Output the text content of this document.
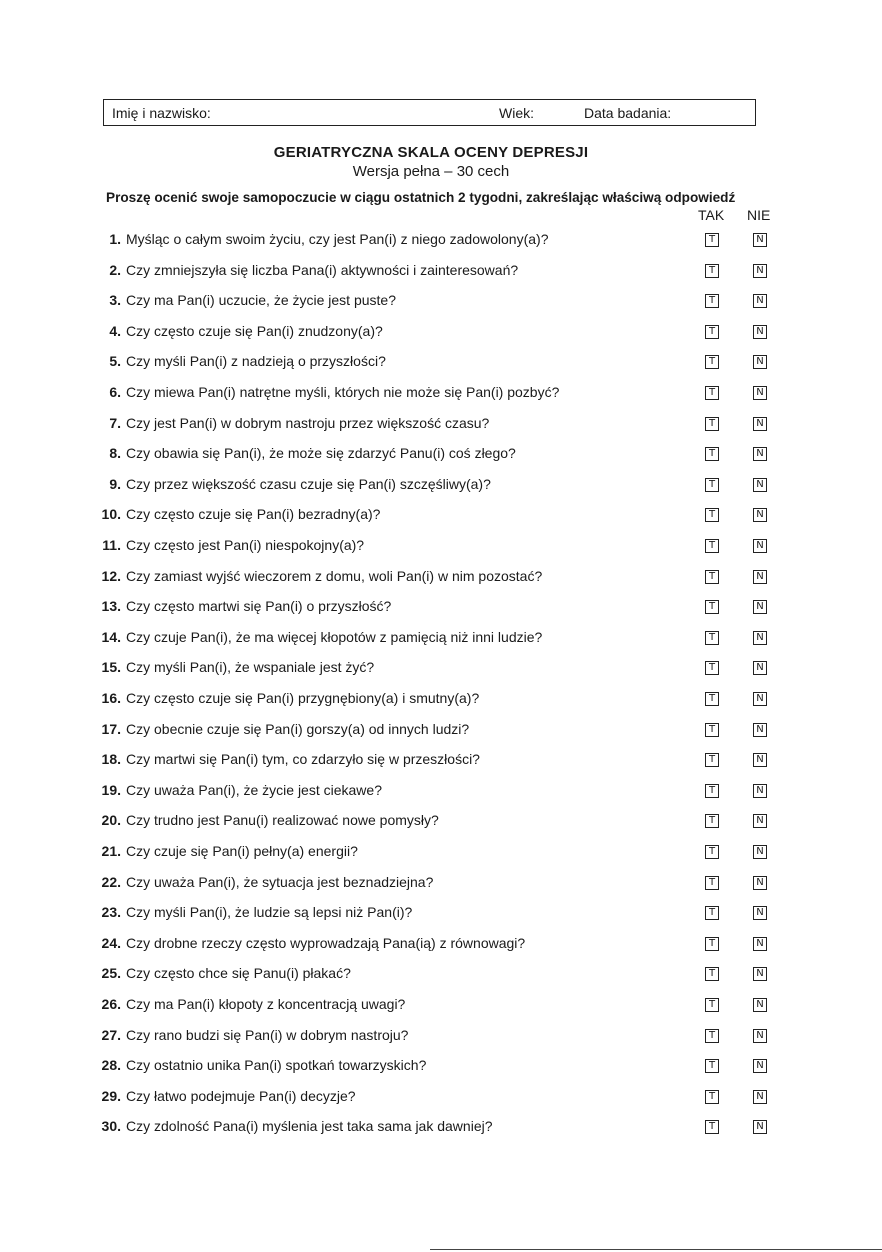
Imię i nazwisko:	Wiek:	Data badania:
GERIATRYCZNA SKALA OCENY DEPRESJI
Wersja pełna – 30 cech
Proszę ocenić swoje samopoczucie w ciągu ostatnich 2 tygodni, zakreślając właściwą odpowiedź
TAK NIE
1. Myśląc o całym swoim życiu, czy jest Pan(i) z niego zadowolony(a)?	T	N
2. Czy zmniejszyła się liczba Pana(i) aktywności i zainteresowań?	T	N
3. Czy ma Pan(i) uczucie, że życie jest puste?	T	N
4. Czy często czuje się Pan(i) znudzony(a)?	T	N
5. Czy myśli Pan(i) z nadzieją o przyszłości?	T	N
6. Czy miewa Pan(i) natrętne myśli, których nie może się Pan(i) pozbyć?	T	N
7. Czy jest Pan(i) w dobrym nastroju przez większość czasu?	T	N
8. Czy obawia się Pan(i), że może się zdarzyć Panu(i) coś złego?	T	N
9. Czy przez większość czasu czuje się Pan(i) szczęśliwy(a)?	T	N
10. Czy często czuje się Pan(i) bezradny(a)?	T	N
11. Czy często jest Pan(i) niespokojny(a)?	T	N
12. Czy zamiast wyjść wieczorem z domu, woli Pan(i) w nim pozostać?	T	N
13. Czy często martwi się Pan(i) o przyszłość?	T	N
14. Czy czuje Pan(i), że ma więcej kłopotów z pamięcią niż inni ludzie?	T	N
15. Czy myśli Pan(i), że wspaniale jest żyć?	T	N
16. Czy często czuje się Pan(i) przygnębiony(a) i smutny(a)?	T	N
17. Czy obecnie czuje się Pan(i) gorszy(a) od innych ludzi?	T	N
18. Czy martwi się Pan(i) tym, co zdarzyło się w przeszłości?	T	N
19. Czy uważa Pan(i), że życie jest ciekawe?	T	N
20. Czy trudno jest Panu(i) realizować nowe pomysły?	T	N
21. Czy czuje się Pan(i) pełny(a) energii?	T	N
22. Czy uważa Pan(i), że sytuacja jest beznadziejna?	T	N
23. Czy myśli Pan(i), że ludzie są lepsi niż Pan(i)?	T	N
24. Czy drobne rzeczy często wyprowadzają Pana(ią) z równowagi?	T	N
25. Czy często chce się Panu(i) płakać?	T	N
26. Czy ma Pan(i) kłopoty z koncentracją uwagi?	T	N
27. Czy rano budzi się Pan(i) w dobrym nastroju?	T	N
28. Czy ostatnio unika Pan(i) spotkań towarzyskich?	T	N
29. Czy łatwo podejmuje Pan(i) decyzje?	T	N
30. Czy zdolność Pana(i) myślenia jest taka sama jak dawniej?	T	N
